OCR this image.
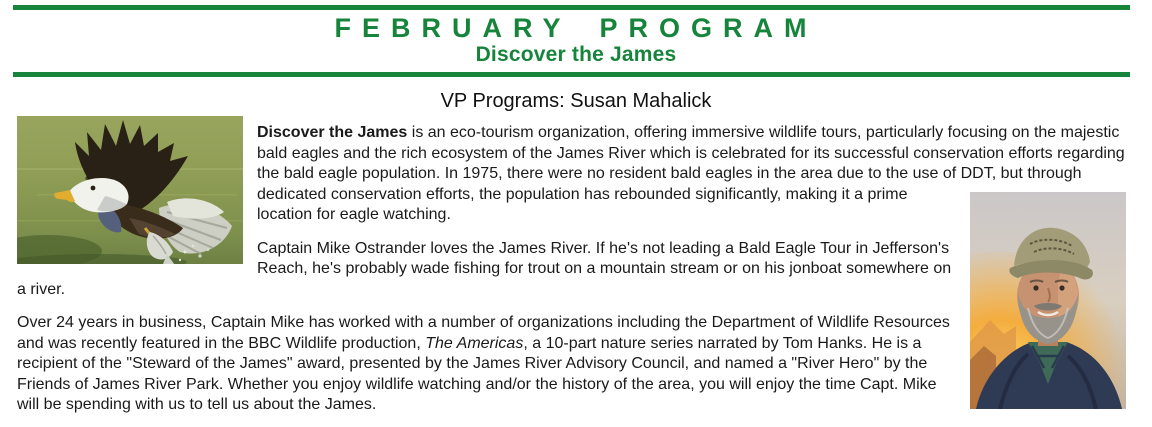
FEBRUARY PROGRAM
Discover the James
VP Programs: Susan Mahalick

Discover the James is an eco-tourism organization, offering immersive wildlife tours, particularly focusing on the majestic bald eagles and the rich ecosystem of the James River which is celebrated for its successful conservation efforts regarding the bald eagle population. In 1975, there were no resident bald eagles in the area due to the use of DDT, but through dedicated conservation efforts, the population has rebounded significantly, making it a prime location for eagle watching.

Captain Mike Ostrander loves the James River. If he's not leading a Bald Eagle Tour in Jefferson's Reach, he's probably wade fishing for trout on a mountain stream or on his jonboat somewhere on a river.

Over 24 years in business, Captain Mike has worked with a number of organizations including the Department of Wildlife Resources and was recently featured in the BBC Wildlife production, The Americas, a 10-part nature series narrated by Tom Hanks. He is a recipient of the "Steward of the James" award, presented by the James River Advisory Council, and named a "River Hero" by the Friends of James River Park. Whether you enjoy wildlife watching and/or the history of the area, you will enjoy the time Capt. Mike will be spending with us to tell us about the James.
